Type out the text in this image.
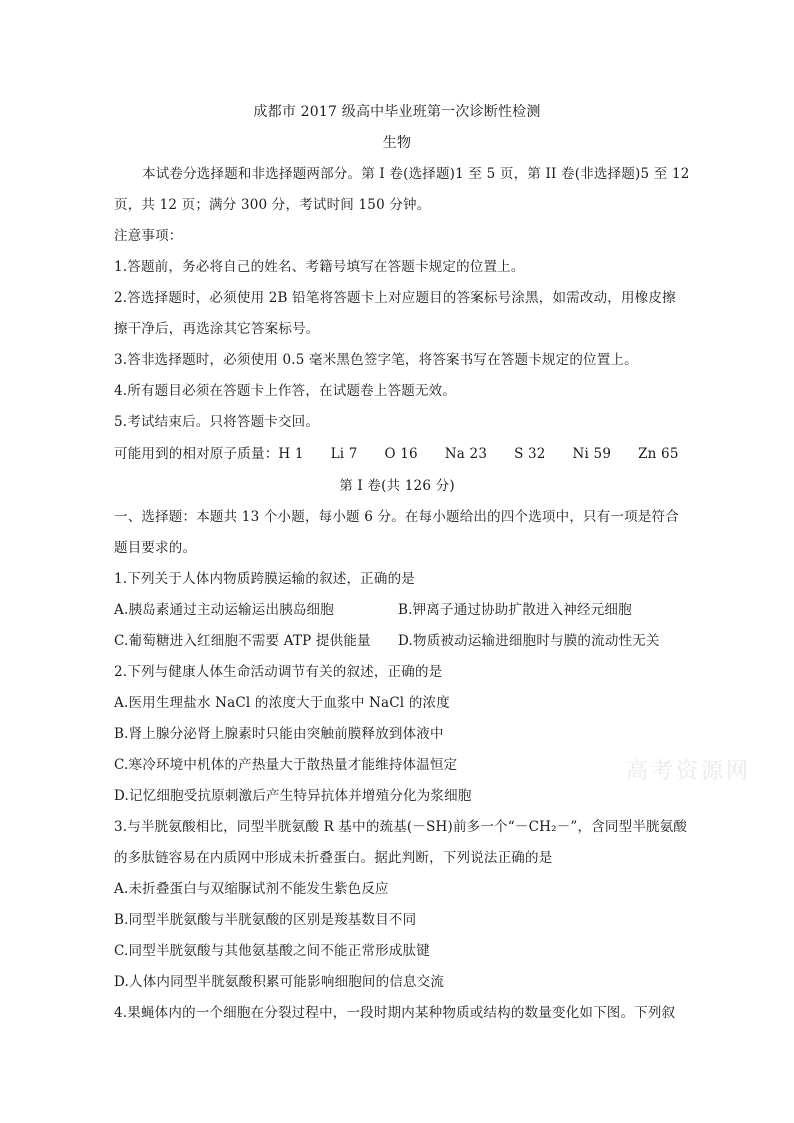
成都市 2017 级高中毕业班第一次诊断性检测
生物
本试卷分选择题和非选择题两部分。第 I 卷(选择题)1 至 5 页，第 II 卷(非选择题)5 至 12
页，共 12 页；满分 300 分，考试时间 150 分钟。
注意事项：
1.答题前，务必将自己的姓名、考籍号填写在答题卡规定的位置上。
2.答选择题时，必须使用 2B 铅笔将答题卡上对应题目的答案标号涂黑，如需改动，用橡皮擦
擦干净后，再选涂其它答案标号。
3.答非选择题时，必须使用 0.5 毫米黑色签字笔，将答案书写在答题卡规定的位置上。
4.所有题目必须在答题卡上作答，在试题卷上答题无效。
5.考试结束后。只将答题卡交回。
可能用到的相对原子质量：H 1      Li 7      O 16      Na 23      S 32      Ni 59      Zn 65
第 I 卷(共 126 分)
一、选择题：本题共 13 个小题，每小题 6 分。在每小题给出的四个选项中，只有一项是符合
题目要求的。
1.下列关于人体内物质跨膜运输的叙述，正确的是
A.胰岛素通过主动运输运出胰岛细胞	B.钾离子通过协助扩散进入神经元细胞
C.葡萄糖进入红细胞不需要 ATP 提供能量	D.物质被动运输进细胞时与膜的流动性无关
2.下列与健康人体生命活动调节有关的叙述，正确的是
A.医用生理盐水 NaCl 的浓度大于血浆中 NaCl 的浓度
B.肾上腺分泌肾上腺素时只能由突触前膜释放到体液中
C.寒冷环境中机体的产热量大于散热量才能维持体温恒定
D.记忆细胞受抗原刺激后产生特异抗体并增殖分化为浆细胞
3.与半胱氨酸相比，同型半胱氨酸 R 基中的巯基(－SH)前多一个“－CH₂－”，含同型半胱氨酸
的多肽链容易在内质网中形成未折叠蛋白。据此判断，下列说法正确的是
A.未折叠蛋白与双缩脲试剂不能发生紫色反应
B.同型半胱氨酸与半胱氨酸的区别是羧基数目不同
C.同型半胱氨酸与其他氨基酸之间不能正常形成肽键
D.人体内同型半胱氨酸积累可能影响细胞间的信息交流
4.果蝇体内的一个细胞在分裂过程中，一段时期内某种物质或结构的数量变化如下图。下列叙
高考资源网
